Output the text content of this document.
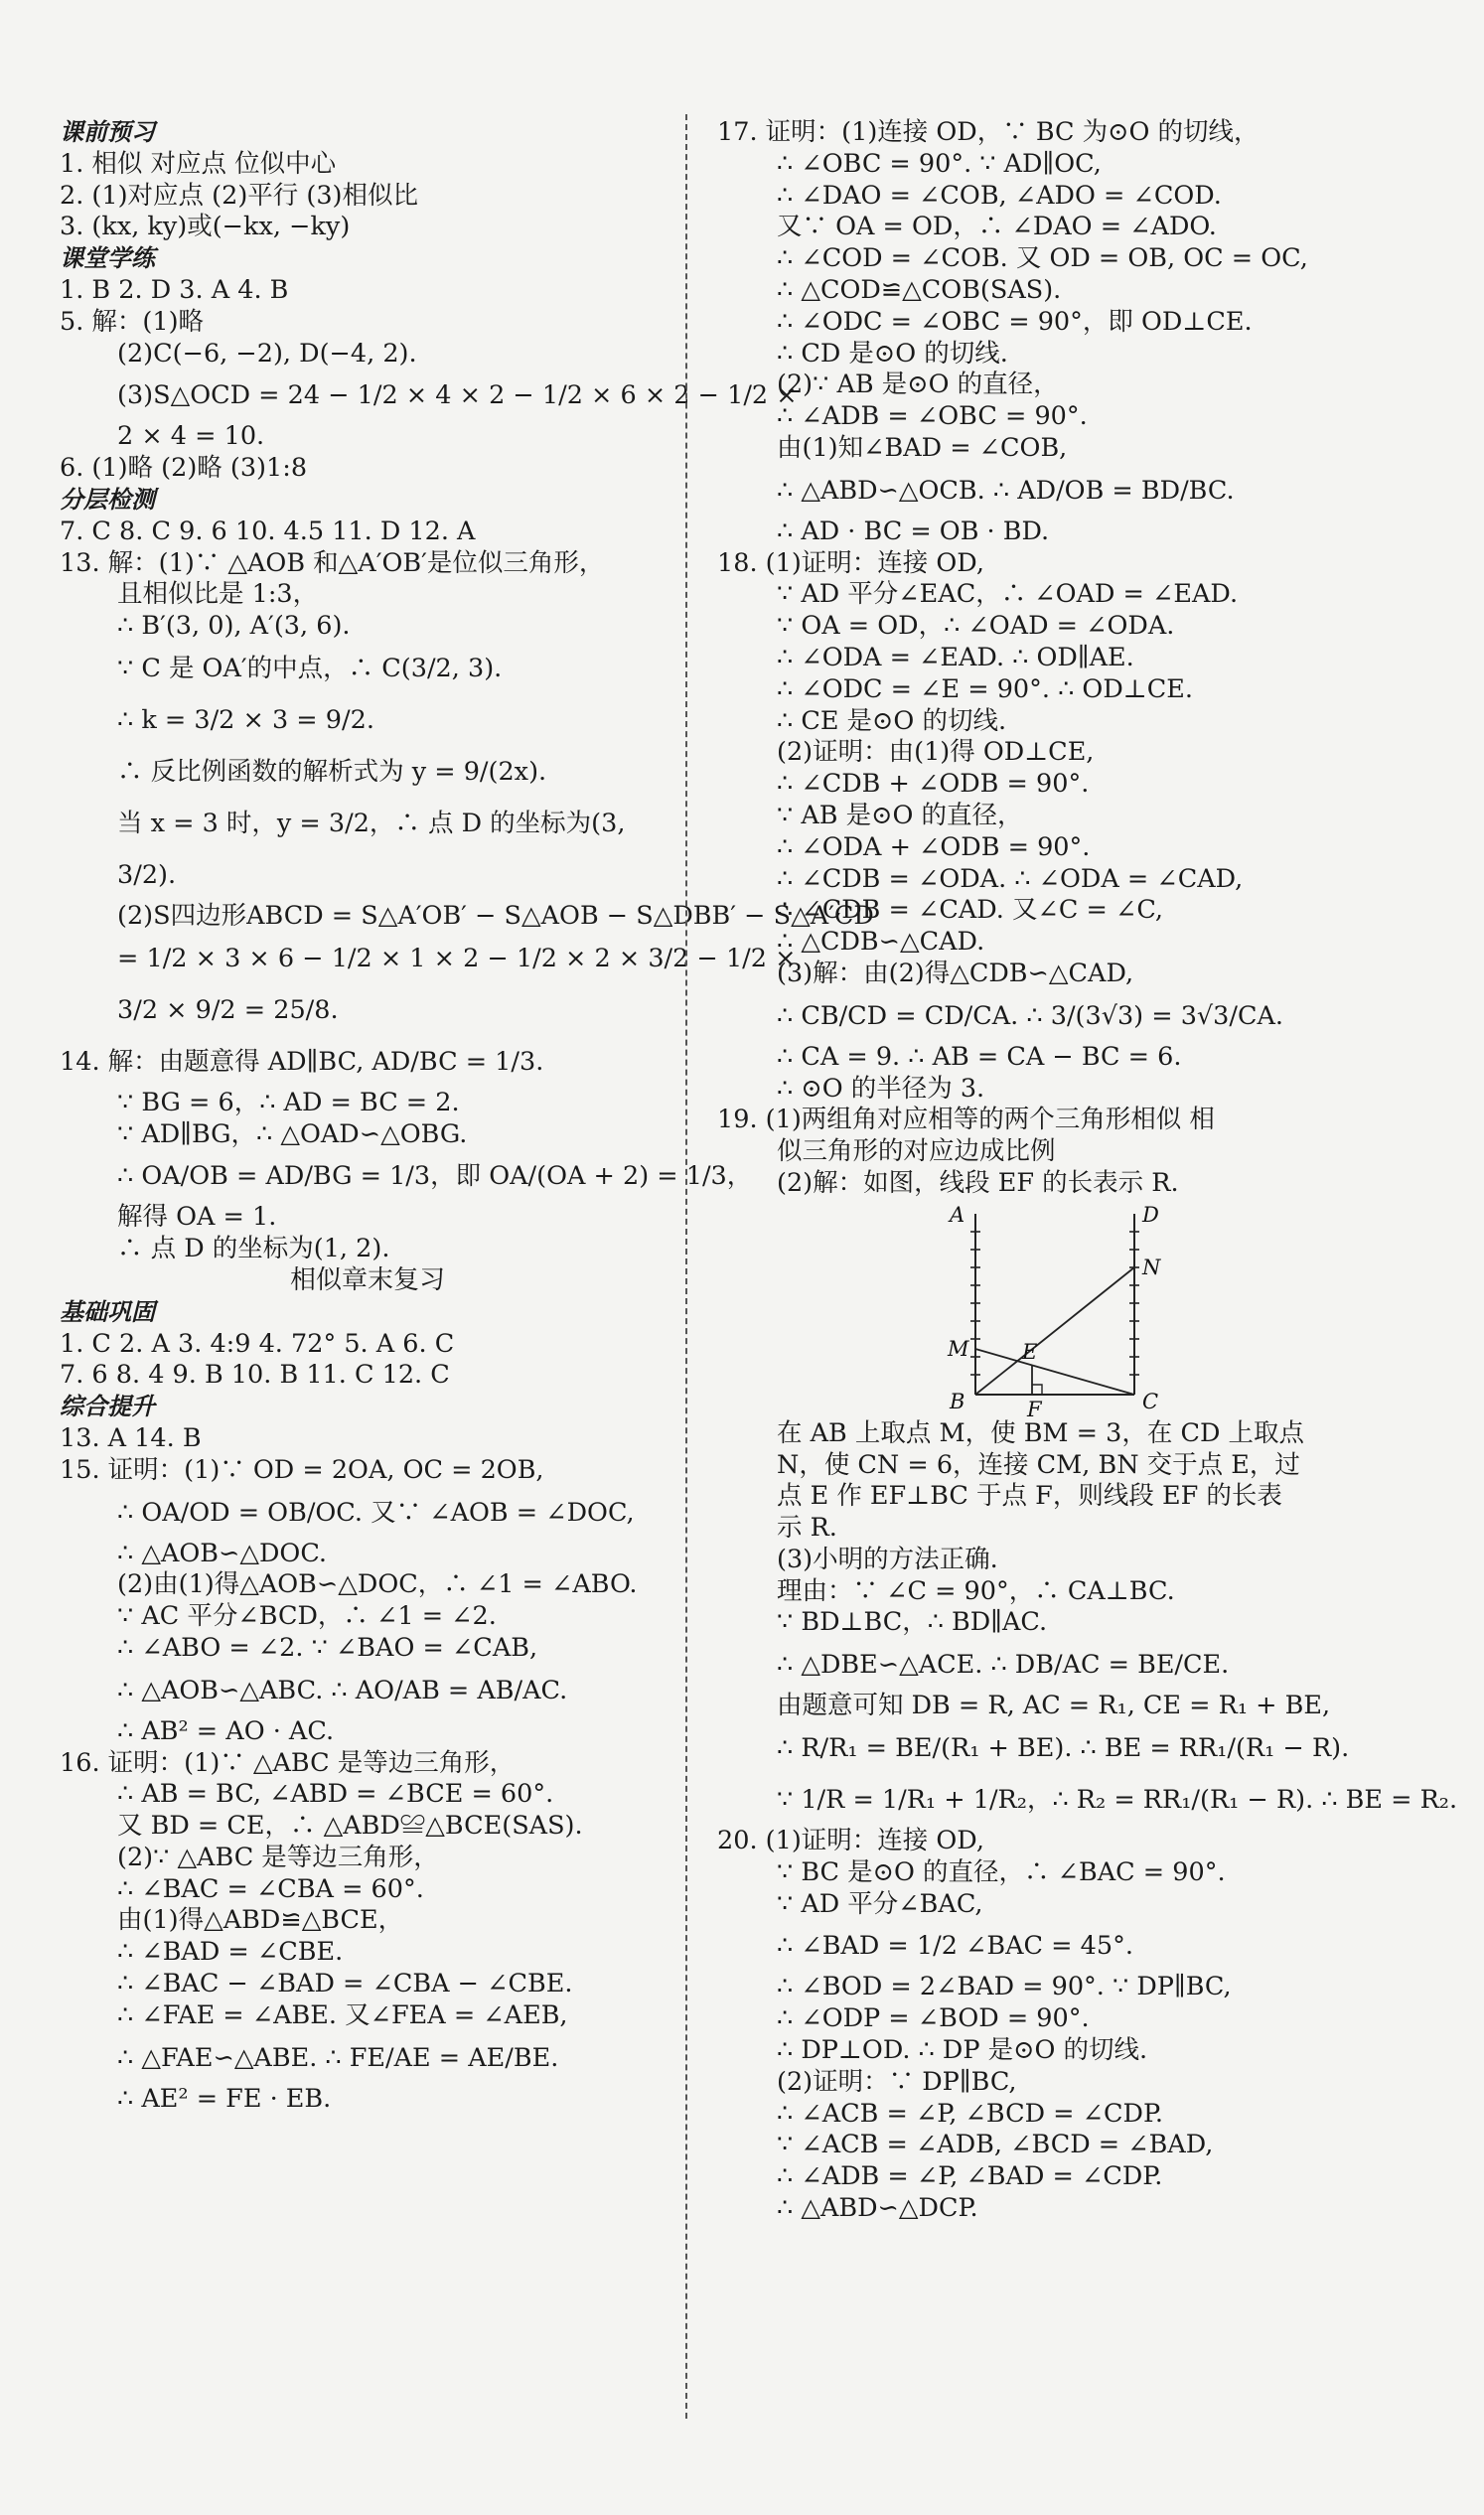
课前预习
1. 相似 对应点 位似中心
2. (1)对应点 (2)平行 (3)相似比
3. (kx, ky)或(−kx, −ky)
课堂学练
1. B 2. D 3. A 4. B
5. 解：(1)略
(2)C(−6, −2), D(−4, 2).
(3)S△OCD = 24 − 1/2 × 4 × 2 − 1/2 × 6 × 2 − 1/2 ×
2 × 4 = 10.
6. (1)略 (2)略 (3)1:8
分层检测
7. C 8. C 9. 6 10. 4.5 11. D 12. A
13. 解：(1)∵ △AOB 和△A′OB′是位似三角形，
且相似比是 1:3，
∴ B′(3, 0), A′(3, 6).
∵ C 是 OA′的中点，∴ C(3/2, 3).
∴ k = 3/2 × 3 = 9/2.
∴ 反比例函数的解析式为 y = 9/(2x).
当 x = 3 时，y = 3/2，∴ 点 D 的坐标为(3,
3/2).
(2)S四边形ABCD = S△A′OB′ − S△AOB − S△DBB′ − S△A′CD
= 1/2 × 3 × 6 − 1/2 × 1 × 2 − 1/2 × 2 × 3/2 − 1/2 ×
3/2 × 9/2 = 25/8.
14. 解：由题意得 AD∥BC, AD/BC = 1/3.
∵ BG = 6，∴ AD = BC = 2.
∵ AD∥BG，∴ △OAD∽△OBG.
∴ OA/OB = AD/BG = 1/3，即 OA/(OA + 2) = 1/3，
解得 OA = 1.
∴ 点 D 的坐标为(1, 2).
相似章末复习
基础巩固
1. C 2. A 3. 4:9 4. 72° 5. A 6. C
7. 6 8. 4 9. B 10. B 11. C 12. C
综合提升
13. A 14. B
15. 证明：(1)∵ OD = 2OA, OC = 2OB,
∴ OA/OD = OB/OC. 又∵ ∠AOB = ∠DOC,
∴ △AOB∽△DOC.
(2)由(1)得△AOB∽△DOC，∴ ∠1 = ∠ABO.
∵ AC 平分∠BCD，∴ ∠1 = ∠2.
∴ ∠ABO = ∠2. ∵ ∠BAO = ∠CAB,
∴ △AOB∽△ABC. ∴ AO/AB = AB/AC.
∴ AB² = AO · AC.
16. 证明：(1)∵ △ABC 是等边三角形，
∴ AB = BC, ∠ABD = ∠BCE = 60°.
又 BD = CE，∴ △ABD≌△BCE(SAS).
(2)∵ △ABC 是等边三角形，
∴ ∠BAC = ∠CBA = 60°.
由(1)得△ABD≌△BCE，
∴ ∠BAD = ∠CBE.
∴ ∠BAC − ∠BAD = ∠CBA − ∠CBE.
∴ ∠FAE = ∠ABE. 又∠FEA = ∠AEB,
∴ △FAE∽△ABE. ∴ FE/AE = AE/BE.
∴ AE² = FE · EB.
17. 证明：(1)连接 OD，∵ BC 为⊙O 的切线，
∴ ∠OBC = 90°. ∵ AD∥OC,
∴ ∠DAO = ∠COB, ∠ADO = ∠COD.
又∵ OA = OD，∴ ∠DAO = ∠ADO.
∴ ∠COD = ∠COB. 又 OD = OB, OC = OC,
∴ △COD≌△COB(SAS).
∴ ∠ODC = ∠OBC = 90°，即 OD⊥CE.
∴ CD 是⊙O 的切线.
(2)∵ AB 是⊙O 的直径，
∴ ∠ADB = ∠OBC = 90°.
由(1)知∠BAD = ∠COB,
∴ △ABD∽△OCB. ∴ AD/OB = BD/BC.
∴ AD · BC = OB · BD.
18. (1)证明：连接 OD,
∵ AD 平分∠EAC，∴ ∠OAD = ∠EAD.
∵ OA = OD，∴ ∠OAD = ∠ODA.
∴ ∠ODA = ∠EAD. ∴ OD∥AE.
∴ ∠ODC = ∠E = 90°. ∴ OD⊥CE.
∴ CE 是⊙O 的切线.
(2)证明：由(1)得 OD⊥CE,
∴ ∠CDB + ∠ODB = 90°.
∵ AB 是⊙O 的直径，
∴ ∠ODA + ∠ODB = 90°.
∴ ∠CDB = ∠ODA. ∴ ∠ODA = ∠CAD,
∴ ∠CDB = ∠CAD. 又∠C = ∠C,
∴ △CDB∽△CAD.
(3)解：由(2)得△CDB∽△CAD,
∴ CB/CD = CD/CA. ∴ 3/(3√3) = 3√3/CA.
∴ CA = 9. ∴ AB = CA − BC = 6.
∴ ⊙O 的半径为 3.
19. (1)两组角对应相等的两个三角形相似 相
似三角形的对应边成比例
(2)解：如图，线段 EF 的长表示 R.
A	D
N
M	E
B	F	C
在 AB 上取点 M，使 BM = 3，在 CD 上取点
N，使 CN = 6，连接 CM, BN 交于点 E，过
点 E 作 EF⊥BC 于点 F，则线段 EF 的长表
示 R.
(3)小明的方法正确.
理由：∵ ∠C = 90°，∴ CA⊥BC.
∵ BD⊥BC，∴ BD∥AC.
∴ △DBE∽△ACE. ∴ DB/AC = BE/CE.
由题意可知 DB = R, AC = R₁, CE = R₁ + BE,
∴ R/R₁ = BE/(R₁ + BE). ∴ BE = RR₁/(R₁ − R).
∵ 1/R = 1/R₁ + 1/R₂，∴ R₂ = RR₁/(R₁ − R). ∴ BE = R₂.
20. (1)证明：连接 OD,
∵ BC 是⊙O 的直径，∴ ∠BAC = 90°.
∵ AD 平分∠BAC,
∴ ∠BAD = 1/2 ∠BAC = 45°.
∴ ∠BOD = 2∠BAD = 90°. ∵ DP∥BC,
∴ ∠ODP = ∠BOD = 90°.
∴ DP⊥OD. ∴ DP 是⊙O 的切线.
(2)证明：∵ DP∥BC,
∴ ∠ACB = ∠P, ∠BCD = ∠CDP.
∵ ∠ACB = ∠ADB, ∠BCD = ∠BAD,
∴ ∠ADB = ∠P, ∠BAD = ∠CDP.
∴ △ABD∽△DCP.
